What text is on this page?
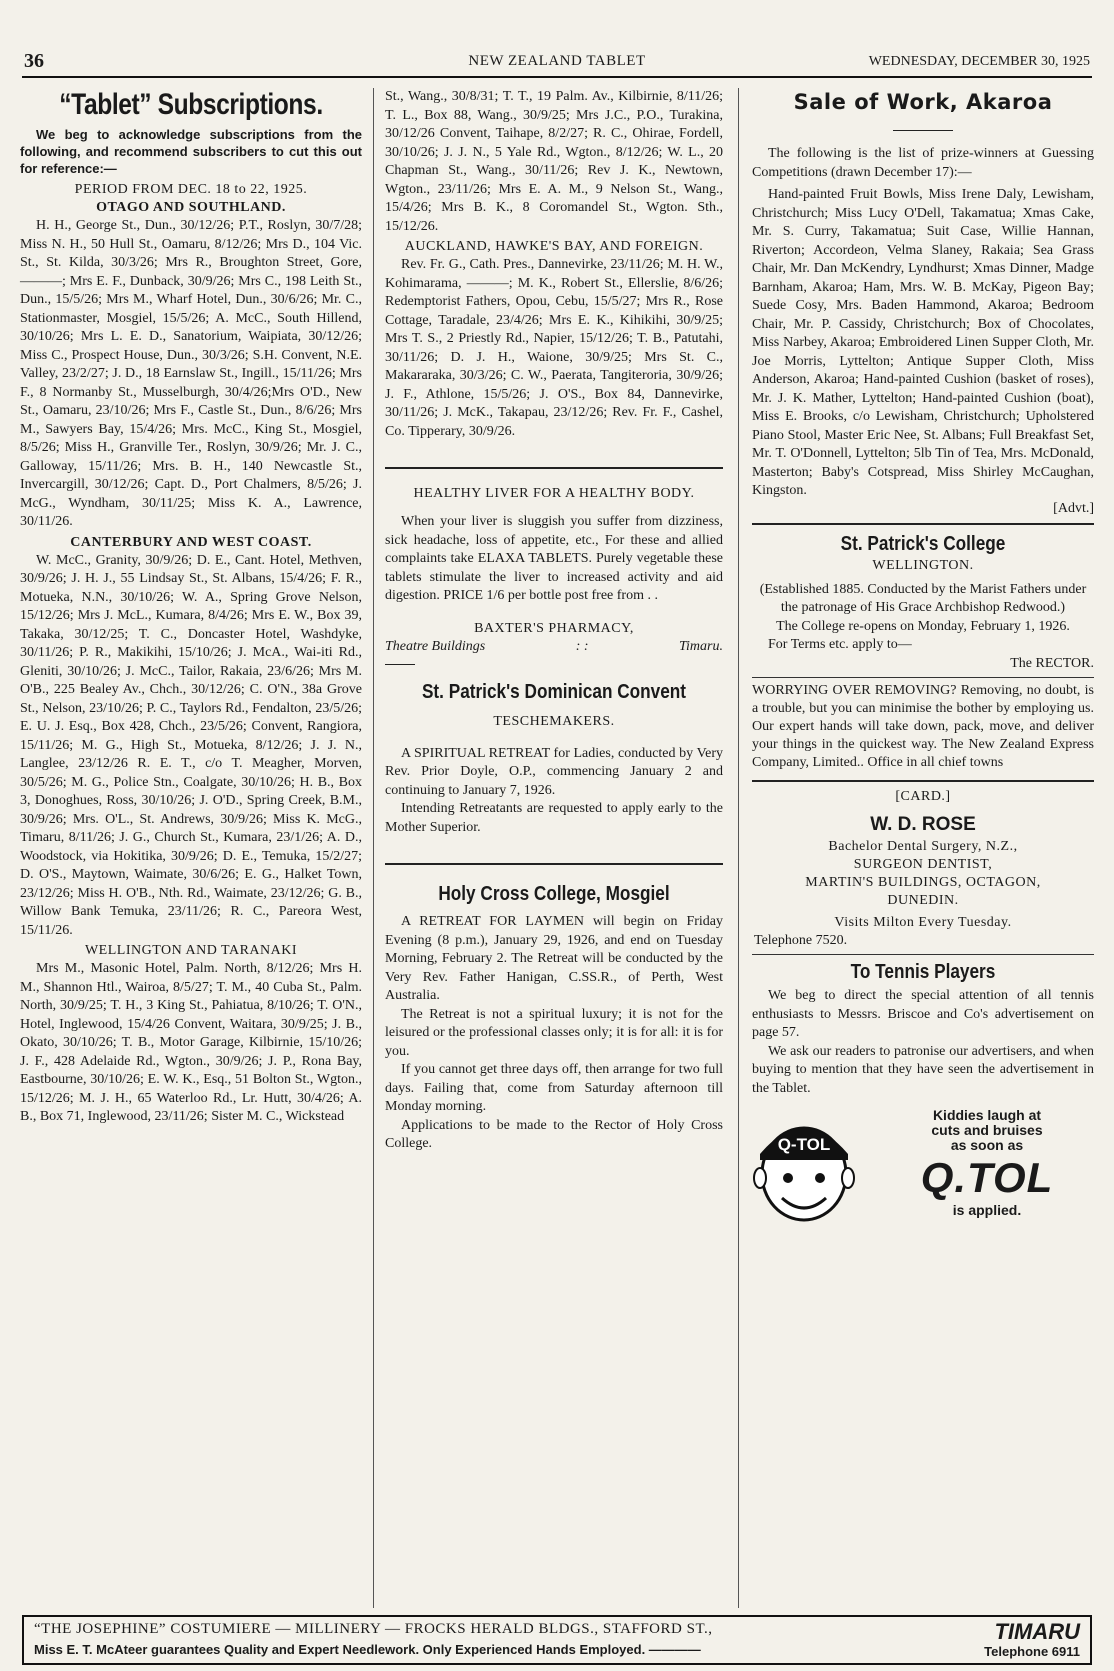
36	NEW ZEALAND TABLET	WEDNESDAY, DECEMBER 30, 1925
“Tablet” Subscriptions.

We beg to acknowledge subscriptions from the following, and recommend subscribers to cut this out for reference:—

PERIOD FROM DEC. 18 to 22, 1925.
OTAGO AND SOUTHLAND.

H. H., George St., Dun., 30/12/26; P.T., Roslyn, 30/7/28; Miss N. H., 50 Hull St., Oamaru, 8/12/26; Mrs D., 104 Vic. St., St. Kilda, 30/3/26; Mrs R., Broughton Street, Gore, ———; Mrs E. F., Dunback, 30/9/26; Mrs C., 198 Leith St., Dun., 15/5/26; Mrs M., Wharf Hotel, Dun., 30/6/26; Mr. C., Stationmaster, Mosgiel, 15/5/26; A. McC., South Hillend, 30/10/26; Mrs L. E. D., Sanatorium, Waipiata, 30/12/26; Miss C., Prospect House, Dun., 30/3/26; S.H. Convent, N.E. Valley, 23/2/27; J. D., 18 Earnslaw St., Ingill., 15/11/26; Mrs F., 8 Normanby St., Musselburgh, 30/4/26;Mrs O'D., New St., Oamaru, 23/10/26; Mrs F., Castle St., Dun., 8/6/26; Mrs M., Sawyers Bay, 15/4/26; Mrs. McC., King St., Mosgiel, 8/5/26; Miss H., Granville Ter., Roslyn, 30/9/26; Mr. J. C., Galloway, 15/11/26; Mrs. B. H., 140 Newcastle St., Invercargill, 30/12/26; Capt. D., Port Chalmers, 8/5/26; J. McG., Wyndham, 30/11/25; Miss K. A., Lawrence, 30/11/26.

CANTERBURY AND WEST COAST.

W. McC., Granity, 30/9/26; D. E., Cant. Hotel, Methven, 30/9/26; J. H. J., 55 Lindsay St., St. Albans, 15/4/26; F. R., Motueka, N.N., 30/10/26; W. A., Spring Grove Nelson, 15/12/26; Mrs J. McL., Kumara, 8/4/26; Mrs E. W., Box 39, Takaka, 30/12/25; T. C., Doncaster Hotel, Washdyke, 30/11/26; P. R., Makikihi, 15/10/26; J. McA., Wai-iti Rd., Gleniti, 30/10/26; J. McC., Tailor, Rakaia, 23/6/26; Mrs M. O'B., 225 Bealey Av., Chch., 30/12/26; C. O'N., 38a Grove St., Nelson, 23/10/26; P. C., Taylors Rd., Fendalton, 23/5/26; E. U. J. Esq., Box 428, Chch., 23/5/26; Convent, Rangiora, 15/11/26; M. G., High St., Motueka, 8/12/26; J. J. N., Langlee, 23/12/26 R. E. T., c/o T. Meagher, Morven, 30/5/26; M. G., Police Stn., Coalgate, 30/10/26; H. B., Box 3, Donoghues, Ross, 30/10/26; J. O'D., Spring Creek, B.M., 30/9/26; Mrs. O'L., St. Andrews, 30/9/26; Miss K. McG., Timaru, 8/11/26; J. G., Church St., Kumara, 23/1/26; A. D., Woodstock, via Hokitika, 30/9/26; D. E., Temuka, 15/2/27; D. O'S., Maytown, Waimate, 30/6/26; E. G., Halket Town, 23/12/26; Miss H. O'B., Nth. Rd., Waimate, 23/12/26; G. B., Willow Bank Temuka, 23/11/26; R. C., Pareora West, 15/11/26.

WELLINGTON AND TARANAKI

Mrs M., Masonic Hotel, Palm. North, 8/12/26; Mrs H. M., Shannon Htl., Wairoa, 8/5/27; T. M., 40 Cuba St., Palm. North, 30/9/25; T. H., 3 King St., Pahiatua, 8/10/26; T. O'N., Hotel, Inglewood, 15/4/26 Convent, Waitara, 30/9/25; J. B., Okato, 30/10/26; T. B., Motor Garage, Kilbirnie, 15/10/26; J. F., 428 Adelaide Rd., Wgton., 30/9/26; J. P., Rona Bay, Eastbourne, 30/10/26; E. W. K., Esq., 51 Bolton St., Wgton., 15/12/26; M. J. H., 65 Waterloo Rd., Lr. Hutt, 30/4/26; A. B., Box 71, Inglewood, 23/11/26; Sister M. C., Wickstead

St., Wang., 30/8/31; T. T., 19 Palm. Av., Kilbirnie, 8/11/26; T. L., Box 88, Wang., 30/9/25; Mrs J.C., P.O., Turakina, 30/12/26 Convent, Taihape, 8/2/27; R. C., Ohirae, Fordell, 30/10/26; J. J. N., 5 Yale Rd., Wgton., 8/12/26; W. L., 20 Chapman St., Wang., 30/11/26; Rev J. K., Newtown, Wgton., 23/11/26; Mrs E. A. M., 9 Nelson St., Wang., 15/4/26; Mrs B. K., 8 Coromandel St., Wgton. Sth., 15/12/26.

AUCKLAND, HAWKE'S BAY, AND FOREIGN.

Rev. Fr. G., Cath. Pres., Dannevirke, 23/11/26; M. H. W., Kohimarama, ———; M. K., Robert St., Ellerslie, 8/6/26; Redemptorist Fathers, Opou, Cebu, 15/5/27; Mrs R., Rose Cottage, Taradale, 23/4/26; Mrs E. K., Kihikihi, 30/9/25; Mrs T. S., 2 Priestly Rd., Napier, 15/12/26; T. B., Patutahi, 30/11/26; D. J. H., Waione, 30/9/25; Mrs St. C., Makararaka, 30/3/26; C. W., Paerata, Tangiteroria, 30/9/26; J. F., Athlone, 15/5/26; J. O'S., Box 84, Dannevirke, 30/11/26; J. McK., Takapau, 23/12/26; Rev. Fr. F., Cashel, Co. Tipperary, 30/9/26.

HEALTHY LIVER FOR A HEALTHY BODY.

When your liver is sluggish you suffer from dizziness, sick headache, loss of appetite, etc., For these and allied complaints take ELAXA TABLETS. Purely vegetable these tablets stimulate the liver to increased activity and aid digestion. PRICE 1/6 per bottle post free from . .

BAXTER'S PHARMACY,
Theatre Buildings	: :	Timaru.
St. Patrick's Dominican Convent
TESCHEMAKERS.

A SPIRITUAL RETREAT for Ladies, conducted by Very Rev. Prior Doyle, O.P., commencing January 2 and continuing to January 7, 1926.

Intending Retreatants are requested to apply early to the Mother Superior.

Holy Cross College, Mosgiel

A RETREAT FOR LAYMEN will begin on Friday Evening (8 p.m.), January 29, 1926, and end on Tuesday Morning, February 2. The Retreat will be conducted by the Very Rev. Father Hanigan, C.SS.R., of Perth, West Australia.

The Retreat is not a spiritual luxury; it is not for the leisured or the professional classes only; it is for all: it is for you.

If you cannot get three days off, then arrange for two full days. Failing that, come from Saturday afternoon till Monday morning.

Applications to be made to the Rector of Holy Cross College.

Sale of Work, Akaroa

The following is the list of prize-winners at Guessing Competitions (drawn December 17):—

Hand-painted Fruit Bowls, Miss Irene Daly, Lewisham, Christchurch; Miss Lucy O'Dell, Takamatua; Xmas Cake, Mr. S. Curry, Takamatua; Suit Case, Willie Hannan, Riverton; Accordeon, Velma Slaney, Rakaia; Sea Grass Chair, Mr. Dan McKendry, Lyndhurst; Xmas Dinner, Madge Barnham, Akaroa; Ham, Mrs. W. B. McKay, Pigeon Bay; Suede Cosy, Mrs. Baden Hammond, Akaroa; Bedroom Chair, Mr. P. Cassidy, Christchurch; Box of Chocolates, Miss Narbey, Akaroa; Embroidered Linen Supper Cloth, Mr. Joe Morris, Lyttelton; Antique Supper Cloth, Miss Anderson, Akaroa; Hand-painted Cushion (basket of roses), Mr. J. K. Mather, Lyttelton; Hand-painted Cushion (boat), Miss E. Brooks, c/o Lewisham, Christchurch; Upholstered Piano Stool, Master Eric Nee, St. Albans; Full Breakfast Set, Mr. T. O'Donnell, Lyttelton; 5lb Tin of Tea, Mrs. McDonald, Masterton; Baby's Cotspread, Miss Shirley McCaughan, Kingston.

[Advt.]
St. Patrick's College
WELLINGTON.

(Established 1885. Conducted by the Marist Fathers under the patronage of His Grace Archbishop Redwood.)

The College re-opens on Monday, February 1, 1926.

For Terms etc. apply to—

The RECTOR.

WORRYING OVER REMOVING? Removing, no doubt, is a trouble, but you can minimise the bother by employing us. Our expert hands will take down, pack, move, and deliver your things in the quickest way. The New Zealand Express Company, Limited.. Office in all chief towns

[CARD.]
W. D. ROSE
Bachelor Dental Surgery, N.Z.,
SURGEON DENTIST,
MARTIN'S BUILDINGS, OCTAGON,
DUNEDIN.
Visits Milton Every Tuesday.
Telephone 7520.
To Tennis Players

We beg to direct the special attention of all tennis enthusiasts to Messrs. Briscoe and Co's advertisement on page 57.

We ask our readers to patronise our advertisers, and when buying to mention that they have seen the advertisement in the Tablet.

Q-TOL
Kiddies laugh at
cuts and bruises
as soon as
Q.TOL
is applied.
“THE JOSEPHINE” COSTUMIERE — MILLINERY — FROCKS HERALD BLDGS., STAFFORD ST.,
Miss E. T. McAteer guarantees Quality and Expert Needlework. Only Experienced Hands Employed. ————
TIMARU
Telephone 6911
